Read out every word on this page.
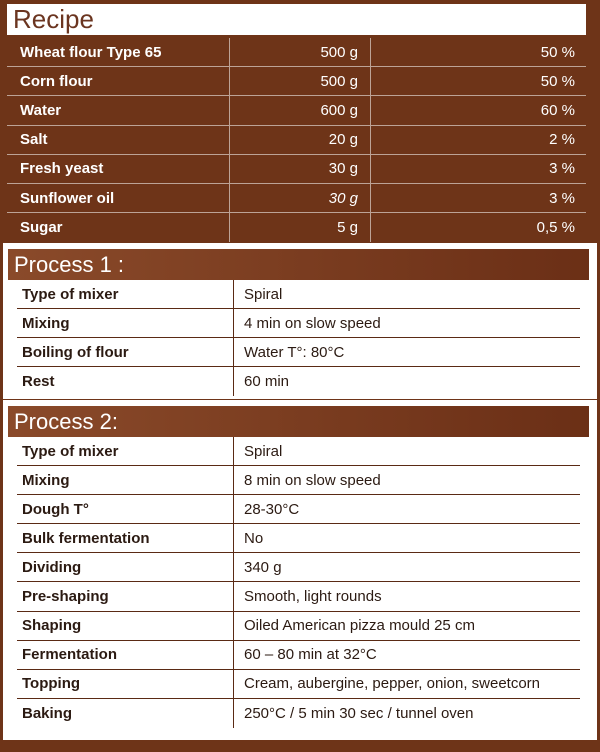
Recipe
Wheat flour Type 65	500 g	50 %
Corn flour	500 g	50 %
Water	600 g	60 %
Salt	20 g	2 %
Fresh yeast	30 g	3 %
Sunflower oil	30 g	3 %
Sugar	5 g	0,5 %
Process 1 :
Type of mixer	Spiral
Mixing	4 min on slow speed
Boiling of flour	Water T°: 80°C
Rest	60 min
Process 2:
Type of mixer	Spiral
Mixing	8 min on slow speed
Dough T°	28-30°C
Bulk fermentation	No
Dividing	340 g
Pre-shaping	Smooth, light rounds
Shaping	Oiled American pizza mould 25 cm
Fermentation	60 – 80 min at 32°C
Topping	Cream, aubergine, pepper, onion, sweetcorn
Baking	250°C / 5 min 30 sec / tunnel oven
